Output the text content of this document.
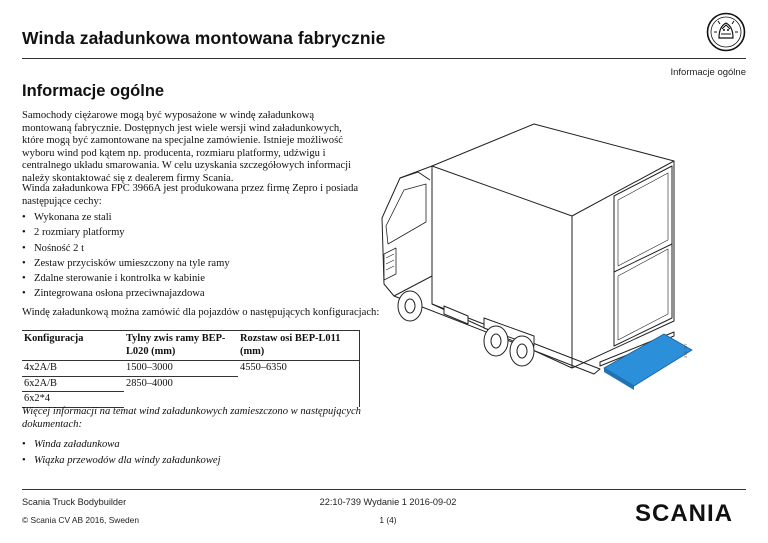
Winda załadunkowa montowana fabrycznie
Informacje ogólne
Informacje ogólne

Samochody ciężarowe mogą być wyposażone w windę załadunkową montowaną fabrycznie. Dostępnych jest wiele wersji wind załadunkowych, które mogą być zamontowane na specjalne zamówienie. Istnieje możliwość wyboru wind pod kątem np. producenta, rozmiaru platformy, udźwigu i centralnego układu smarowania. W celu uzyskania szczegółowych informacji należy skontaktować się z dealerem firmy Scania.

Winda załadunkowa FPC 3966A jest produkowana przez firmę Zepro i posiada następujące cechy:

• Wykonana ze stali
• 2 rozmiary platformy
• Nośność 2 t
• Zestaw przycisków umieszczony na tyle ramy
• Zdalne sterowanie i kontrolka w kabinie
• Zintegrowana osłona przeciwnajazdowa

Windę załadunkową można zamówić dla pojazdów o następujących konfiguracjach:

Konfiguracja	Tylny zwis ramy BEP-L020 (mm)	Rozstaw osi BEP-L011 (mm)
4x2A/B	1500–3000	4550–6350
6x2A/B	2850–4000	
6x2*4		

Więcej informacji na temat wind załadunkowych zamieszczono w następujących dokumentach:

• Winda załadunkowa
• Wiązka przewodów dla windy załadunkowej
374 787
Scania Truck Bodybuilder
© Scania CV AB 2016, Sweden
22:10-739 Wydanie 1 2016-09-02
1 (4)	SCANIA
